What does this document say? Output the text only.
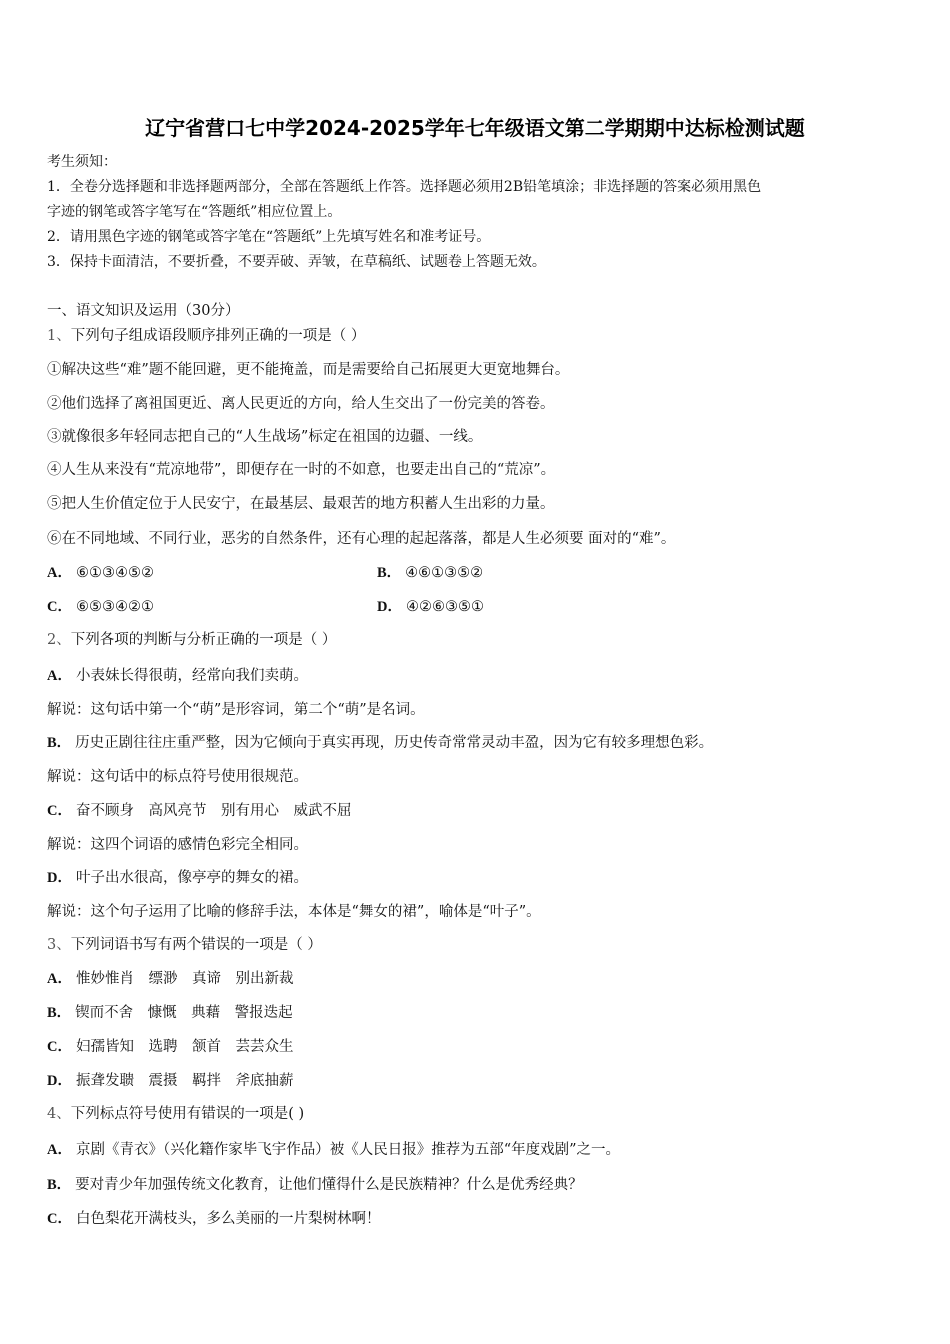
辽宁省营口七中学2024-2025学年七年级语文第二学期期中达标检测试题
考生须知：
1．全卷分选择题和非选择题两部分，全部在答题纸上作答。选择题必须用2B铅笔填涂；非选择题的答案必须用黑色
字迹的钢笔或答字笔写在“答题纸”相应位置上。
2．请用黑色字迹的钢笔或答字笔在“答题纸”上先填写姓名和准考证号。
3．保持卡面清洁，不要折叠，不要弄破、弄皱，在草稿纸、试题卷上答题无效。
一、语文知识及运用（30分）
1、下列句子组成语段顺序排列正确的一项是（ ）
①解决这些“难”题不能回避，更不能掩盖，而是需要给自己拓展更大更宽地舞台。
②他们选择了离祖国更近、离人民更近的方向，给人生交出了一份完美的答卷。
③就像很多年轻同志把自己的“人生战场”标定在祖国的边疆、一线。
④人生从来没有“荒凉地带”，即便存在一时的不如意，也要走出自己的“荒凉”。
⑤把人生价值定位于人民安宁，在最基层、最艰苦的地方积蓄人生出彩的力量。
⑥在不同地域、不同行业，恶劣的自然条件，还有心理的起起落落，都是人生必须要 面对的“难”。
A． ⑥①③④⑤②	B． ④⑥①③⑤②
C． ⑥⑤③④②①	D． ④②⑥③⑤①
2、下列各项的判断与分析正确的一项是（ ）
A． 小表妹长得很萌，经常向我们卖萌。
解说：这句话中第一个“萌”是形容词，第二个“萌”是名词。
B． 历史正剧往往庄重严整，因为它倾向于真实再现，历史传奇常常灵动丰盈，因为它有较多理想色彩。
解说：这句话中的标点符号使用很规范。
C． 奋不顾身　高风亮节　别有用心　威武不屈
解说：这四个词语的感情色彩完全相同。
D． 叶子出水很高，像亭亭的舞女的裙。
解说：这个句子运用了比喻的修辞手法，本体是“舞女的裙”，喻体是“叶子”。
3、下列词语书写有两个错误的一项是（ ）
A． 惟妙惟肖　缥渺　真谛　别出新裁
B． 锲而不舍　慷慨　典藉　警报迭起
C． 妇孺皆知　选聘　颔首　芸芸众生
D． 振聋发聩　震摄　羁拌　斧底抽薪
4、下列标点符号使用有错误的一项是( )
A． 京剧《青衣》（兴化籍作家毕飞宇作品）被《人民日报》推荐为五部“年度戏剧”之一。
B． 要对青少年加强传统文化教育，让他们懂得什么是民族精神？什么是优秀经典？
C． 白色梨花开满枝头，多么美丽的一片梨树林啊！
